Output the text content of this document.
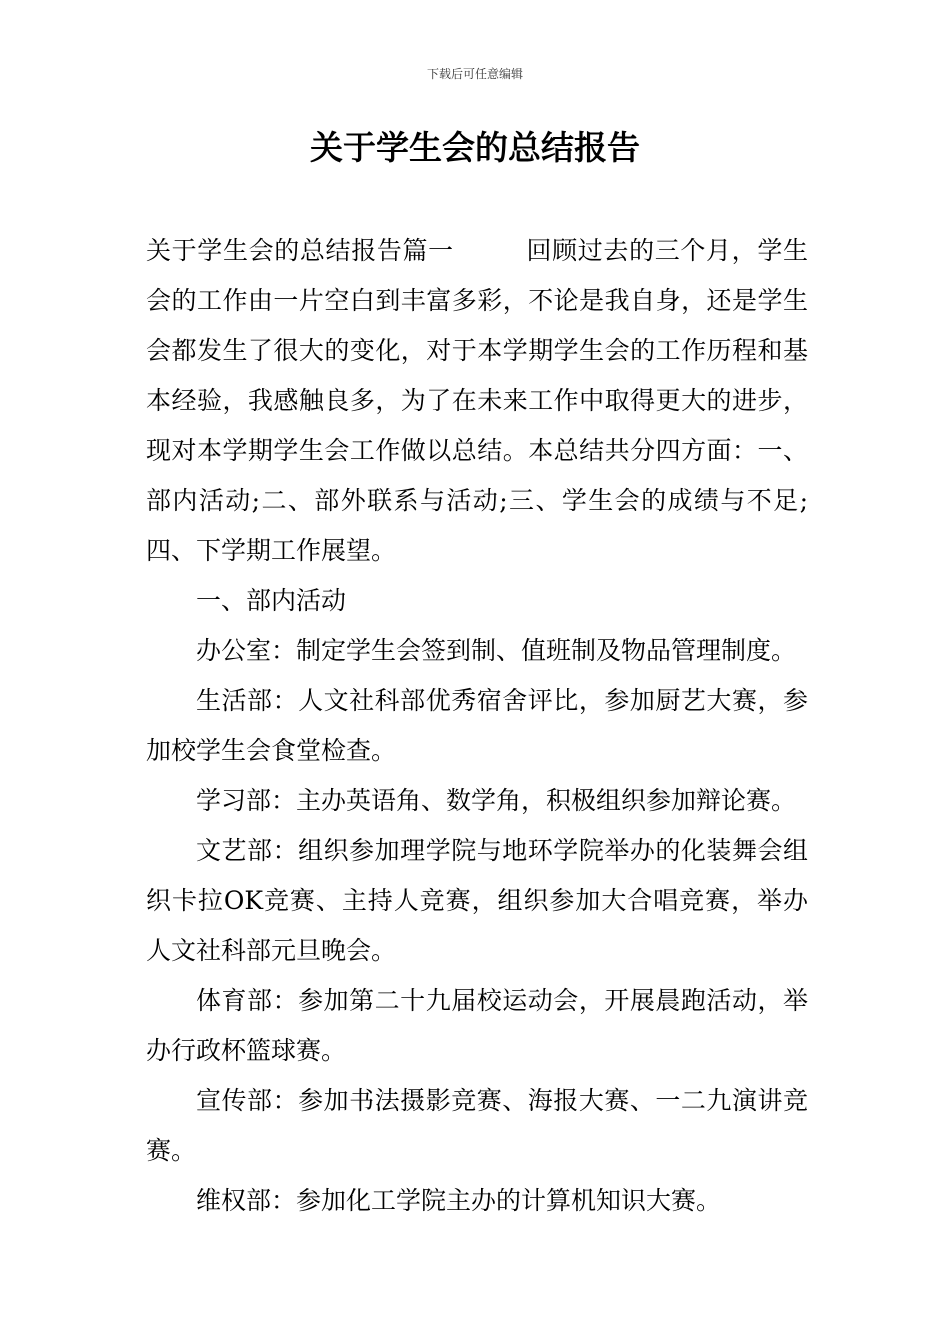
下载后可任意编辑
关于学生会的总结报告

关于学生会的总结报告篇一	回顾过去的三个月，学生会的工作由一片空白到丰富多彩，不论是我自身，还是学生会都发生了很大的变化，对于本学期学生会的工作历程和基本经验，我感触良多，为了在未来工作中取得更大的进步，现对本学期学生会工作做以总结。本总结共分四方面：一、部内活动;二、部外联系与活动;三、学生会的成绩与不足;四、下学期工作展望。

一、部内活动

办公室：制定学生会签到制、值班制及物品管理制度。

生活部：人文社科部优秀宿舍评比，参加厨艺大赛，参加校学生会食堂检查。

学习部：主办英语角、数学角，积极组织参加辩论赛。

文艺部：组织参加理学院与地环学院举办的化装舞会组织卡拉OK竞赛、主持人竞赛，组织参加大合唱竞赛，举办人文社科部元旦晚会。

体育部：参加第二十九届校运动会，开展晨跑活动，举办行政杯篮球赛。

宣传部：参加书法摄影竞赛、海报大赛、一二九演讲竞赛。

维权部：参加化工学院主办的计算机知识大赛。
